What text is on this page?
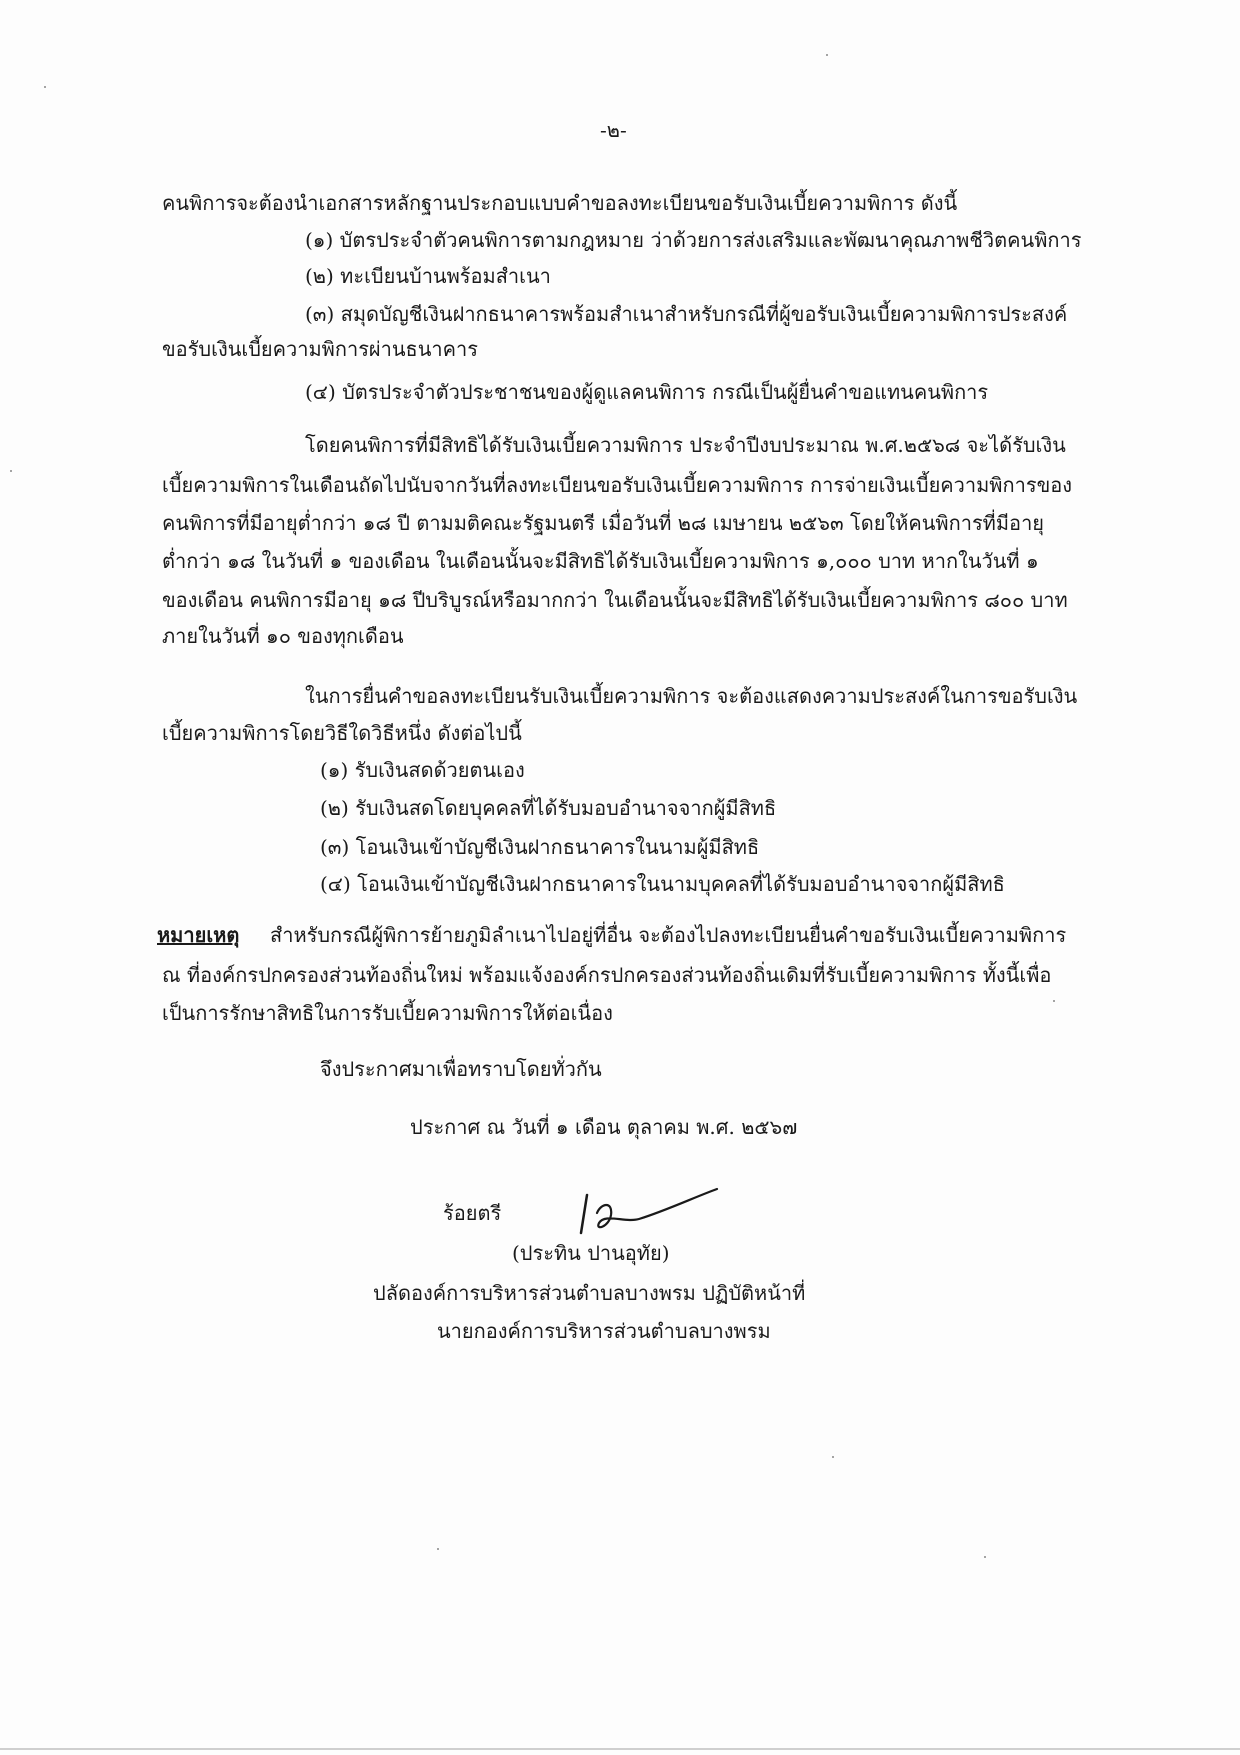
-๒-
คนพิการจะต้องนำเอกสารหลักฐานประกอบแบบคำขอลงทะเบียนขอรับเงินเบี้ยความพิการ ดังนี้
(๑) บัตรประจำตัวคนพิการตามกฎหมาย ว่าด้วยการส่งเสริมและพัฒนาคุณภาพชีวิตคนพิการ
(๒) ทะเบียนบ้านพร้อมสำเนา
(๓) สมุดบัญชีเงินฝากธนาคารพร้อมสำเนาสำหรับกรณีที่ผู้ขอรับเงินเบี้ยความพิการประสงค์
ขอรับเงินเบี้ยความพิการผ่านธนาคาร
(๔) บัตรประจำตัวประชาชนของผู้ดูแลคนพิการ กรณีเป็นผู้ยื่นคำขอแทนคนพิการ
โดยคนพิการที่มีสิทธิได้รับเงินเบี้ยความพิการ ประจำปีงบประมาณ พ.ศ.๒๕๖๘ จะได้รับเงิน
เบี้ยความพิการในเดือนถัดไปนับจากวันที่ลงทะเบียนขอรับเงินเบี้ยความพิการ การจ่ายเงินเบี้ยความพิการของ
คนพิการที่มีอายุต่ำกว่า ๑๘ ปี ตามมติคณะรัฐมนตรี เมื่อวันที่ ๒๘ เมษายน ๒๕๖๓ โดยให้คนพิการที่มีอายุ
ต่ำกว่า ๑๘ ในวันที่ ๑ ของเดือน ในเดือนนั้นจะมีสิทธิได้รับเงินเบี้ยความพิการ ๑,๐๐๐ บาท หากในวันที่ ๑
ของเดือน คนพิการมีอายุ ๑๘ ปีบริบูรณ์หรือมากกว่า ในเดือนนั้นจะมีสิทธิได้รับเงินเบี้ยความพิการ ๘๐๐ บาท
ภายในวันที่ ๑๐ ของทุกเดือน
ในการยื่นคำขอลงทะเบียนรับเงินเบี้ยความพิการ จะต้องแสดงความประสงค์ในการขอรับเงิน
เบี้ยความพิการโดยวิธีใดวิธีหนึ่ง ดังต่อไปนี้
(๑) รับเงินสดด้วยตนเอง
(๒) รับเงินสดโดยบุคคลที่ได้รับมอบอำนาจจากผู้มีสิทธิ
(๓) โอนเงินเข้าบัญชีเงินฝากธนาคารในนามผู้มีสิทธิ
(๔) โอนเงินเข้าบัญชีเงินฝากธนาคารในนามบุคคลที่ได้รับมอบอำนาจจากผู้มีสิทธิ
หมายเหตุ สำหรับกรณีผู้พิการย้ายภูมิลำเนาไปอยู่ที่อื่น จะต้องไปลงทะเบียนยื่นคำขอรับเงินเบี้ยความพิการ
ณ ที่องค์กรปกครองส่วนท้องถิ่นใหม่ พร้อมแจ้งองค์กรปกครองส่วนท้องถิ่นเดิมที่รับเบี้ยความพิการ ทั้งนี้เพื่อ
เป็นการรักษาสิทธิในการรับเบี้ยความพิการให้ต่อเนื่อง
จึงประกาศมาเพื่อทราบโดยทั่วกัน
ประกาศ ณ วันที่ ๑ เดือน ตุลาคม พ.ศ. ๒๕๖๗
ร้อยตรี
(ประทิน ปานอุทัย)
ปลัดองค์การบริหารส่วนตำบลบางพรม ปฏิบัติหน้าที่
นายกองค์การบริหารส่วนตำบลบางพรม
